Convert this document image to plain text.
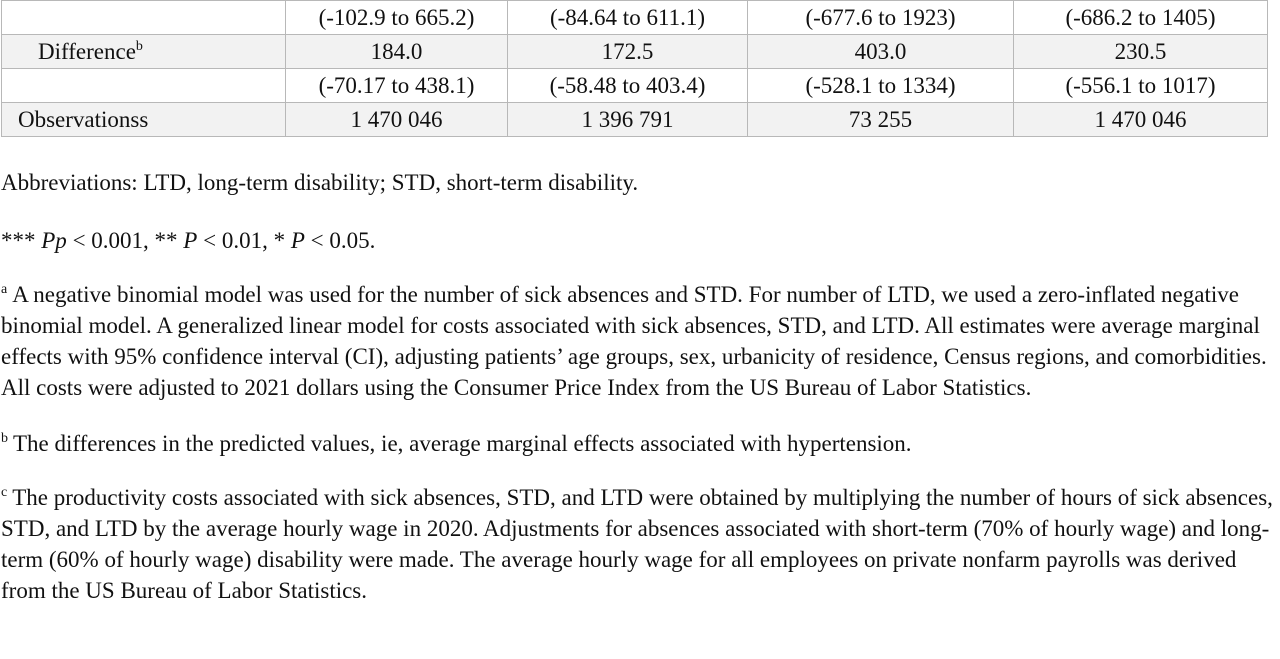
	(-102.9 to 665.2)	(-84.64 to 611.1)	(-677.6 to 1923)	(-686.2 to 1405)
Difference$^b$	184.0	172.5	403.0	230.5
	(-70.17 to 438.1)	(-58.48 to 403.4)	(-528.1 to 1334)	(-556.1 to 1017)
Observationss	1 470 046	1 396 791	73 255	1 470 046

Abbreviations: LTD, long-term disability; STD, short-term disability.

*** Pp < 0.001, ** P < 0.01, * P < 0.05.

$^a$ A negative binomial model was used for the number of sick absences and STD. For number of LTD, we used a zero-inflated negative binomial model. A generalized linear model for costs associated with sick absences, STD, and LTD. All estimates were average marginal effects with 95% confidence interval (CI), adjusting patients’ age groups, sex, urbanicity of residence, Census regions, and comorbidities. All costs were adjusted to 2021 dollars using the Consumer Price Index from the US Bureau of Labor Statistics.

$^b$ The differences in the predicted values, ie, average marginal effects associated with hypertension.

$^c$ The productivity costs associated with sick absences, STD, and LTD were obtained by multiplying the number of hours of sick absences, STD, and LTD by the average hourly wage in 2020. Adjustments for absences associated with short-term (70% of hourly wage) and long-term (60% of hourly wage) disability were made. The average hourly wage for all employees on private nonfarm payrolls was derived from the US Bureau of Labor Statistics.
